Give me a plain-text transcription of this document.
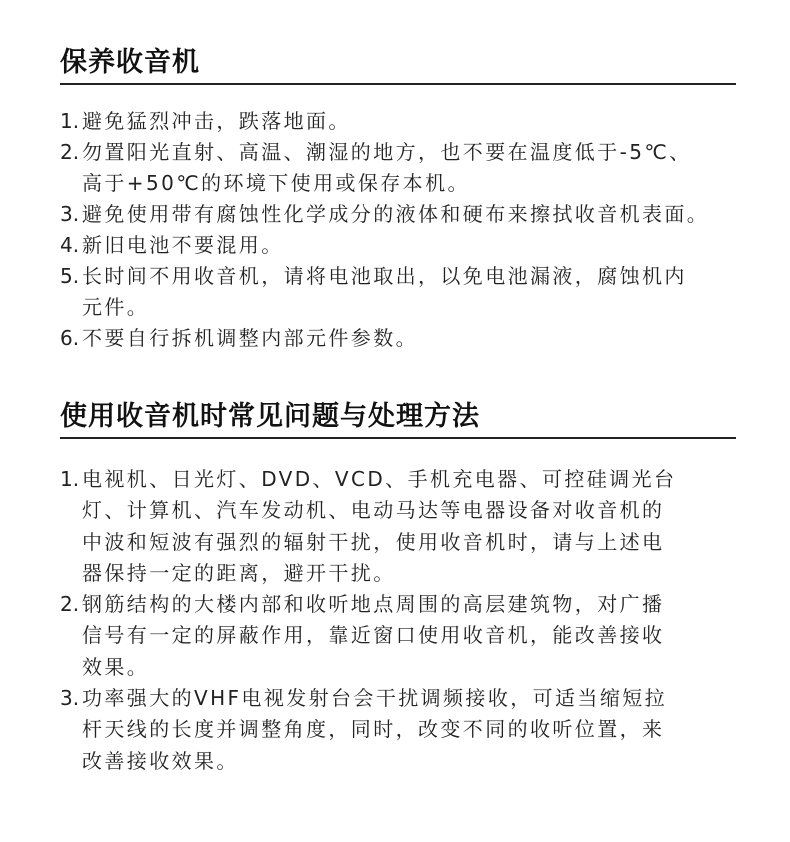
保养收音机
1. 避免猛烈冲击，跌落地面。
2. 勿置阳光直射、高温、潮湿的地方，也不要在温度低于-5℃、
高于+50℃的环境下使用或保存本机。
3. 避免使用带有腐蚀性化学成分的液体和硬布来擦拭收音机表面。
4. 新旧电池不要混用。
5. 长时间不用收音机，请将电池取出，以免电池漏液，腐蚀机内
元件。
6. 不要自行拆机调整内部元件参数。
使用收音机时常见问题与处理方法
1. 电视机、日光灯、DVD、VCD、手机充电器、可控硅调光台
灯、计算机、汽车发动机、电动马达等电器设备对收音机的
中波和短波有强烈的辐射干扰，使用收音机时，请与上述电
器保持一定的距离，避开干扰。
2. 钢筋结构的大楼内部和收听地点周围的高层建筑物，对广播
信号有一定的屏蔽作用，靠近窗口使用收音机，能改善接收
效果。
3. 功率强大的VHF电视发射台会干扰调频接收，可适当缩短拉
杆天线的长度并调整角度，同时，改变不同的收听位置，来
改善接收效果。
